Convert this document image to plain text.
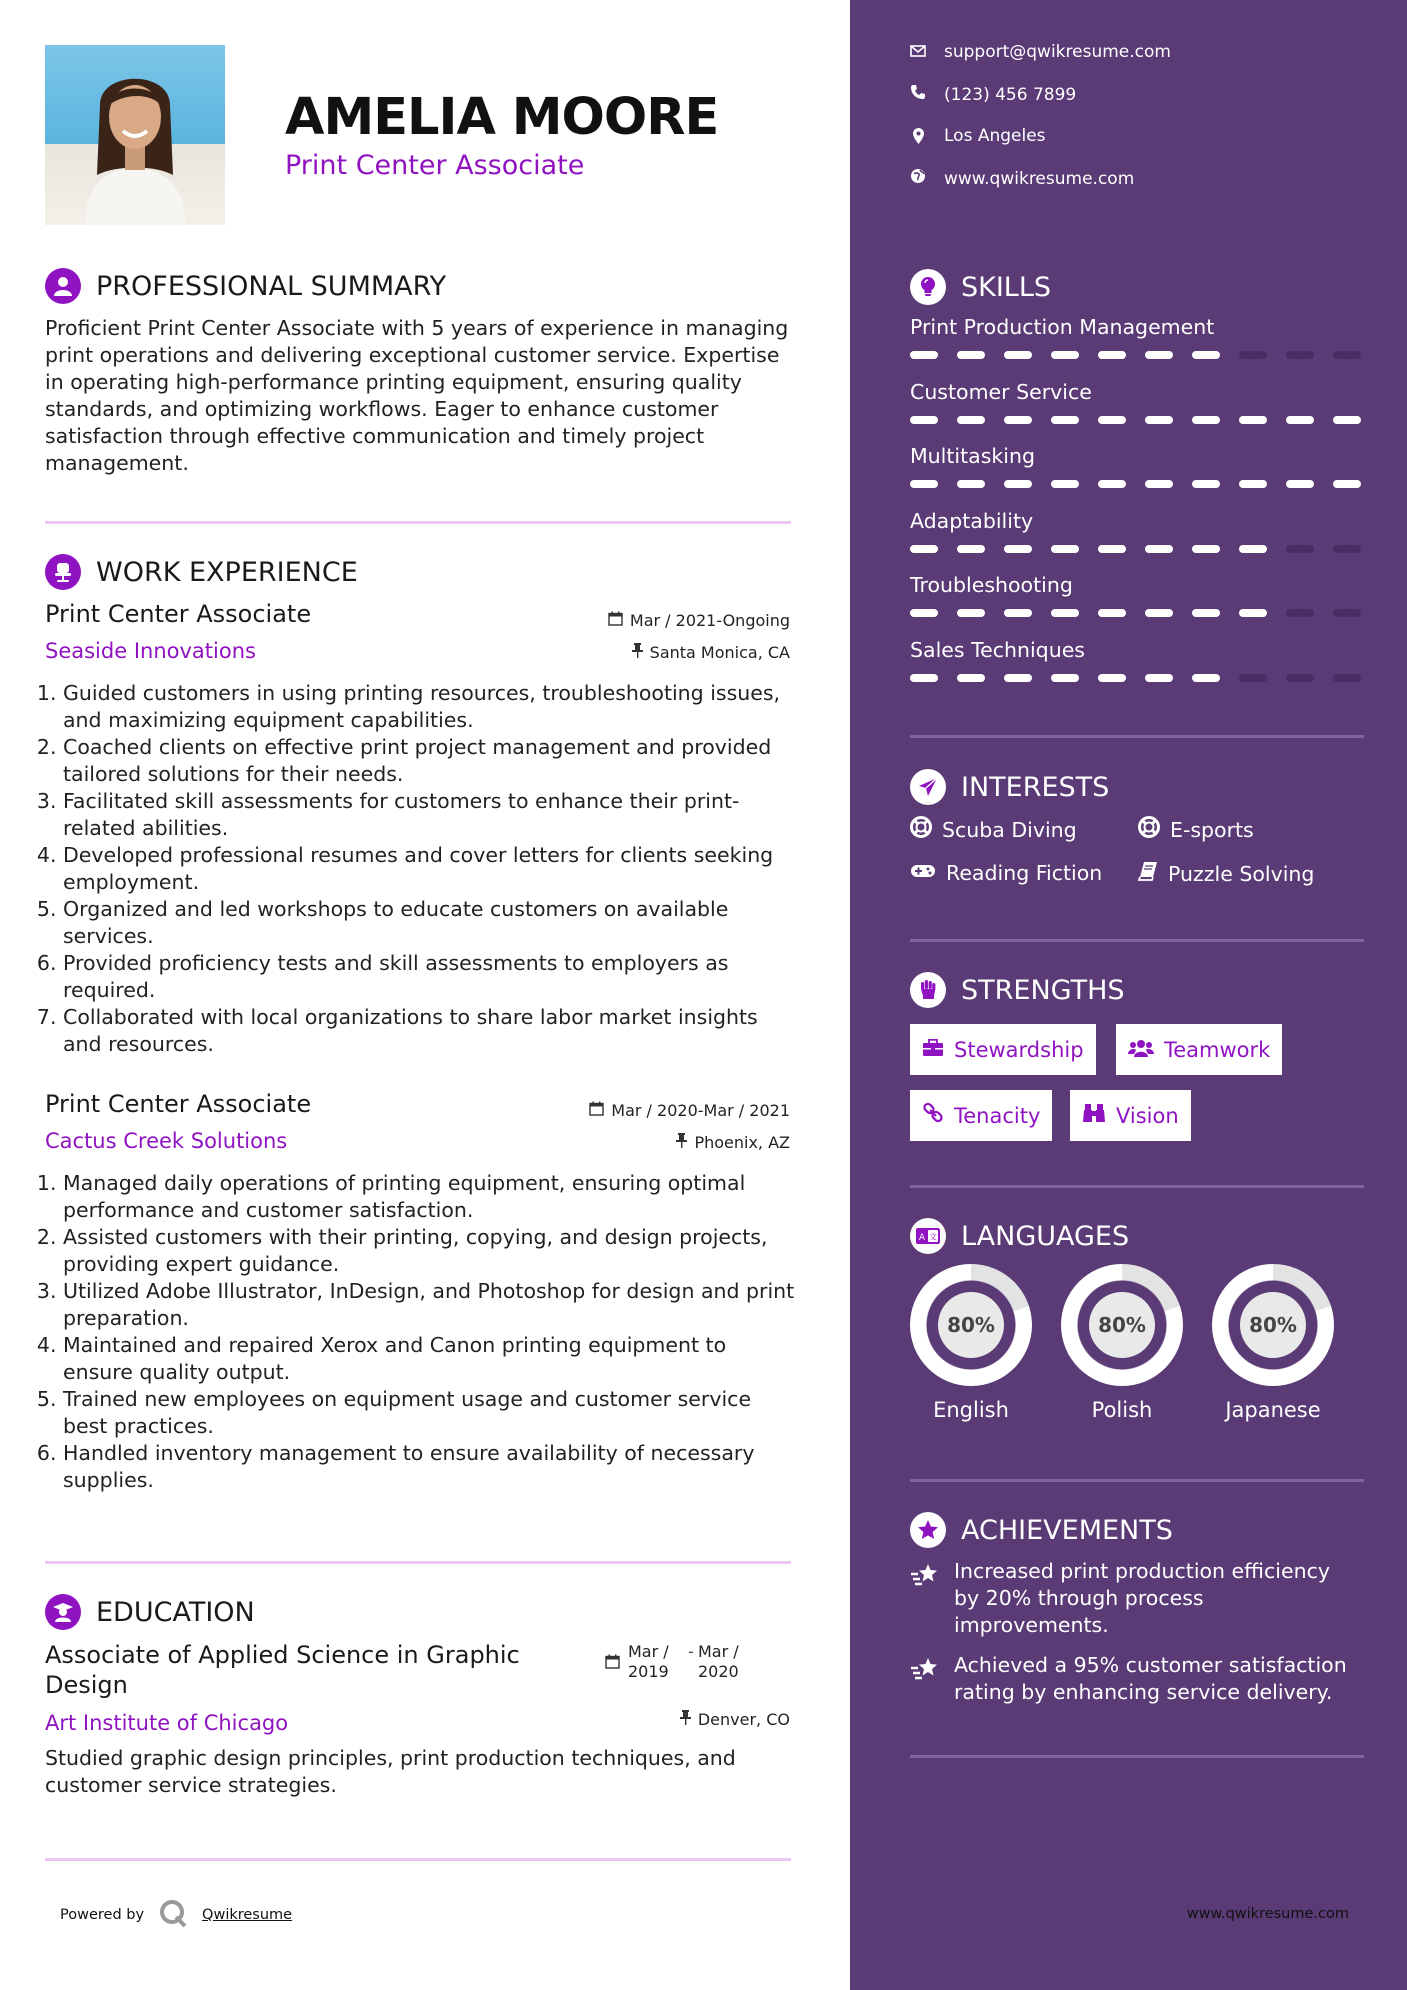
AMELIA MOORE
Print Center Associate
PROFESSIONAL SUMMARY
Proficient Print Center Associate with 5 years of experience in managing print operations and delivering exceptional customer service. Expertise in operating high-performance printing equipment, ensuring quality standards, and optimizing workflows. Eager to enhance customer satisfaction through effective communication and timely project management.
WORK EXPERIENCE
Print Center Associate	Mar / 2021-Ongoing
Seaside Innovations	Santa Monica, CA
1. Guided customers in using printing resources, troubleshooting issues, and maximizing equipment capabilities.
2. Coached clients on effective print project management and provided tailored solutions for their needs.
3. Facilitated skill assessments for customers to enhance their print-related abilities.
4. Developed professional resumes and cover letters for clients seeking employment.
5. Organized and led workshops to educate customers on available services.
6. Provided proficiency tests and skill assessments to employers as required.
7. Collaborated with local organizations to share labor market insights and resources.
Print Center Associate	Mar / 2020-Mar / 2021
Cactus Creek Solutions	Phoenix, AZ
1. Managed daily operations of printing equipment, ensuring optimal performance and customer satisfaction.
2. Assisted customers with their printing, copying, and design projects, providing expert guidance.
3. Utilized Adobe Illustrator, InDesign, and Photoshop for design and print preparation.
4. Maintained and repaired Xerox and Canon printing equipment to ensure quality output.
5. Trained new employees on equipment usage and customer service best practices.
6. Handled inventory management to ensure availability of necessary supplies.
EDUCATION
Associate of Applied Science in Graphic Design
Mar / 2019
- Mar / 2020
Art Institute of Chicago	Denver, CO
Studied graphic design principles, print production techniques, and customer service strategies.
Powered by	Qwikresume
support@qwikresume.com
(123) 456 7899
Los Angeles
www.qwikresume.com
SKILLS
Print Production Management
Customer Service
Multitasking
Adaptability
Troubleshooting
Sales Techniques
INTERESTS
Scuba Diving	E-sports
Reading Fiction	Puzzle Solving
STRENGTHS
Stewardship	Teamwork
Tenacity	Vision
A 文 LANGUAGES
80%
English
80%
Polish
80%
Japanese
ACHIEVEMENTS
Increased print production efficiency by 20% through process improvements.
Achieved a 95% customer satisfaction rating by enhancing service delivery.
www.qwikresume.com
